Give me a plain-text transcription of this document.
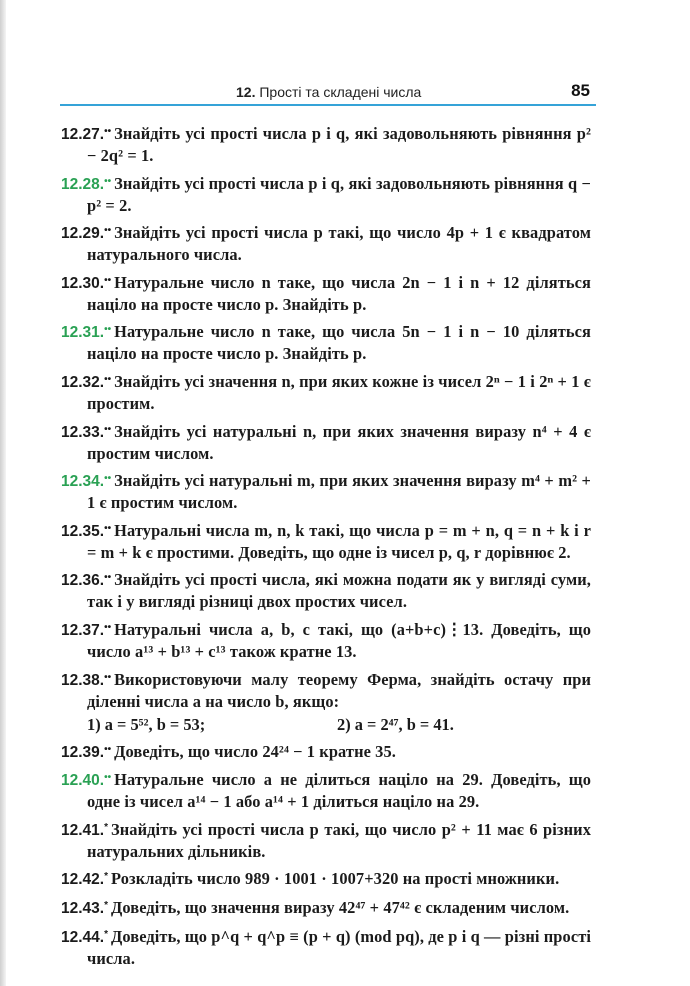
12. Прості та складені числа	85

12.27.•• Знайдіть усі прості числа p і q, які задовольняють рівняння p² − 2q² = 1.

12.28.•• Знайдіть усі прості числа p і q, які задовольняють рівняння q − p² = 2.

12.29.•• Знайдіть усі прості числа p такі, що число 4p + 1 є квадратом натурального числа.

12.30.•• Натуральне число n таке, що числа 2n − 1 і n + 12 діляться націло на просте число p. Знайдіть p.

12.31.•• Натуральне число n таке, що числа 5n − 1 і n − 10 діляться націло на просте число p. Знайдіть p.

12.32.•• Знайдіть усі значення n, при яких кожне із чисел 2ⁿ − 1 і 2ⁿ + 1 є простим.

12.33.•• Знайдіть усі натуральні n, при яких значення виразу n⁴ + 4 є простим числом.

12.34.•• Знайдіть усі натуральні m, при яких значення виразу m⁴ + m² + 1 є простим числом.

12.35.•• Натуральні числа m, n, k такі, що числа p = m + n, q = n + k і r = m + k є простими. Доведіть, що одне із чисел p, q, r дорівнює 2.

12.36.•• Знайдіть усі прості числа, які можна подати як у вигляді суми, так і у вигляді різниці двох простих чисел.

12.37.•• Натуральні числа a, b, c такі, що (a+b+c)⋮13. Доведіть, що число a¹³ + b¹³ + c¹³ також кратне 13.

12.38.•• Використовуючи малу теорему Ферма, знайдіть остачу при діленні числа a на число b, якщо:

1) a = 5⁵², b = 53;	2) a = 2⁴⁷, b = 41.

12.39.•• Доведіть, що число 24²⁴ − 1 кратне 35.

12.40.•• Натуральне число a не ділиться націло на 29. Доведіть, що одне із чисел a¹⁴ − 1 або a¹⁴ + 1 ділиться націло на 29.

12.41.* Знайдіть усі прості числа p такі, що число p² + 11 має 6 різних натуральних дільників.

12.42.* Розкладіть число 989 · 1001 · 1007+320 на прості множники.

12.43.* Доведіть, що значення виразу 42⁴⁷ + 47⁴² є складеним числом.

12.44.* Доведіть, що p^q + q^p ≡ (p + q) (mod pq), де p і q — різні прості числа.
